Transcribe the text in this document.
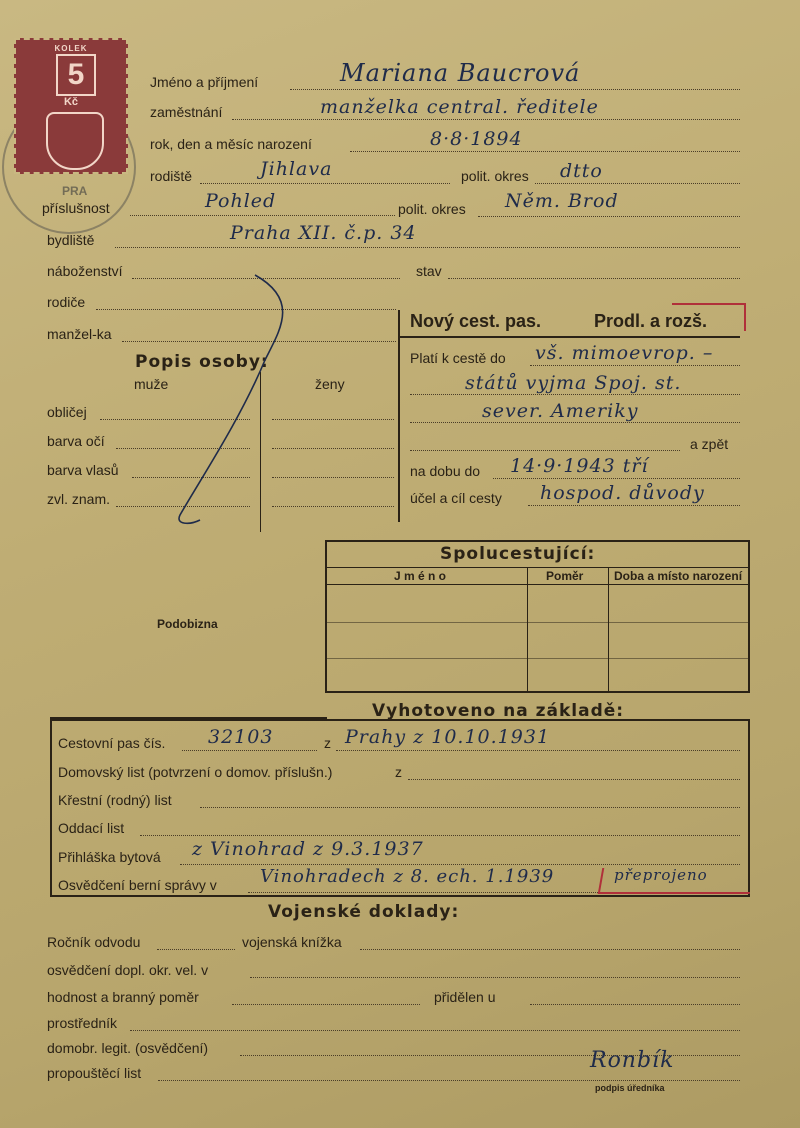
PRA
KOLEK
5
Kč
Jméno a příjmení	Mariana Baucrová
zaměstnání	manželka central. ředitele
rok, den a měsíc narození	8·8·1894
rodiště	Jihlava	polit. okres dtto
příslušnost	Pohled	polit. okres Něm. Brod
bydliště	Praha XII. č.p. 34
náboženství	stav
rodiče
manžel-ka
Popis osoby:
muže	ženy
obličej
barva očí
barva vlasů
zvl. znam.
Nový cest. pas.	Prodl. a rozš.
Platí k cestě do vš. mimoevrop. –
států vyjma Spoj. st.
sever. Ameriky
a zpět
na dobu do 14·9·1943 tří
účel a cíl cesty hospod. důvody
Podobizna
Spolucestující:
J m é n o	Poměr	Doba a místo narození
Vyhotoveno na základě:
Cestovní pas čís. 32103	z Prahy z 10.10.1931
Domovský list (potvrzení o domov. příslušn.)	z
Křestní (rodný) list
Oddací list
Přihláška bytová z Vinohrad z 9.3.1937
Osvědčení berní správy v Vinohradech z 8. ech. 1.1939	přeprojeno
Vojenské doklady:
Ročník odvodu	vojenská knížka
osvědčení dopl. okr. vel. v
hodnost a branný poměr	přidělen u
prostředník
domobr. legit. (osvědčení)
propouštěcí list	Ronbík
podpis úředníka
